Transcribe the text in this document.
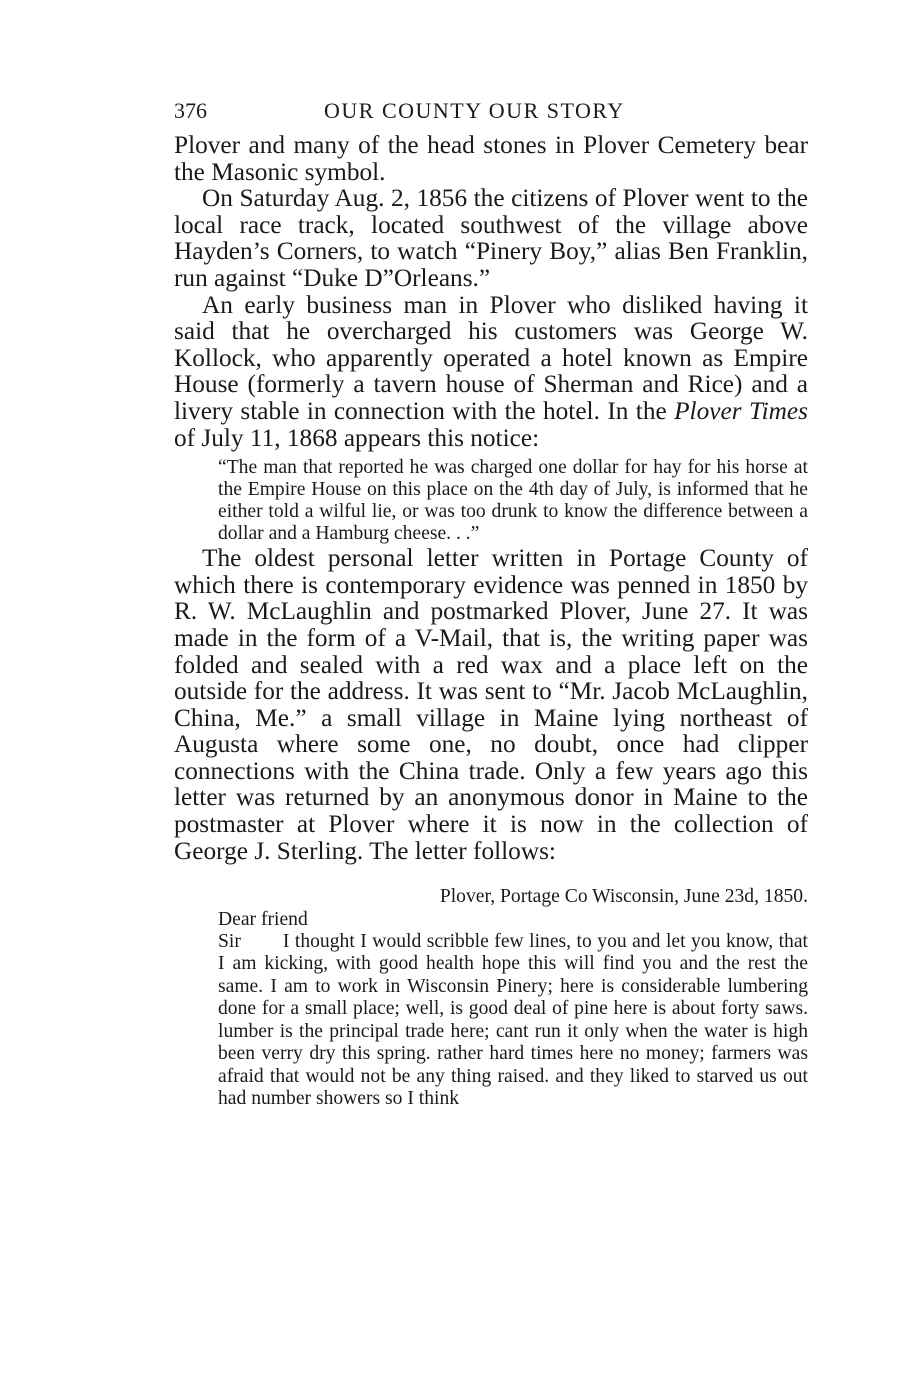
376	OUR COUNTY OUR STORY

Plover and many of the head stones in Plover Cemetery bear the Masonic symbol.

On Saturday Aug. 2, 1856 the citizens of Plover went to the local race track, located southwest of the village above Hayden’s Corners, to watch “Pinery Boy,” alias Ben Franklin, run against “Duke D”Orleans.”

An early business man in Plover who disliked having it said that he overcharged his customers was George W. Kollock, who apparently operated a hotel known as Empire House (formerly a tavern house of Sherman and Rice) and a livery stable in connection with the hotel. In the Plover Times of July 11, 1868 appears this notice:

“The man that reported he was charged one dollar for hay for his horse at the Empire House on this place on the 4th day of July, is informed that he either told a wilful lie, or was too drunk to know the difference between a dollar and a Hamburg cheese. . .”

The oldest personal letter written in Portage County of which there is contemporary evidence was penned in 1850 by R. W. McLaughlin and postmarked Plover, June 27. It was made in the form of a V-Mail, that is, the writing paper was folded and sealed with a red wax and a place left on the outside for the address. It was sent to “Mr. Jacob McLaughlin, China, Me.” a small village in Maine lying northeast of Augusta where some one, no doubt, once had clipper connections with the China trade. Only a few years ago this letter was returned by an anonymous donor in Maine to the postmaster at Plover where it is now in the collection of George J. Sterling. The letter follows:

Plover, Portage Co Wisconsin, June 23d, 1850.

Dear friend

Sir I thought I would scribble few lines, to you and let you know, that I am kicking, with good health hope this will find you and the rest the same. I am to work in Wisconsin Pinery; here is considerable lumbering done for a small place; well, is good deal of pine here is about forty saws. lumber is the principal trade here; cant run it only when the water is high been verry dry this spring. rather hard times here no money; farmers was afraid that would not be any thing raised. and they liked to starved us out had number showers so I think
